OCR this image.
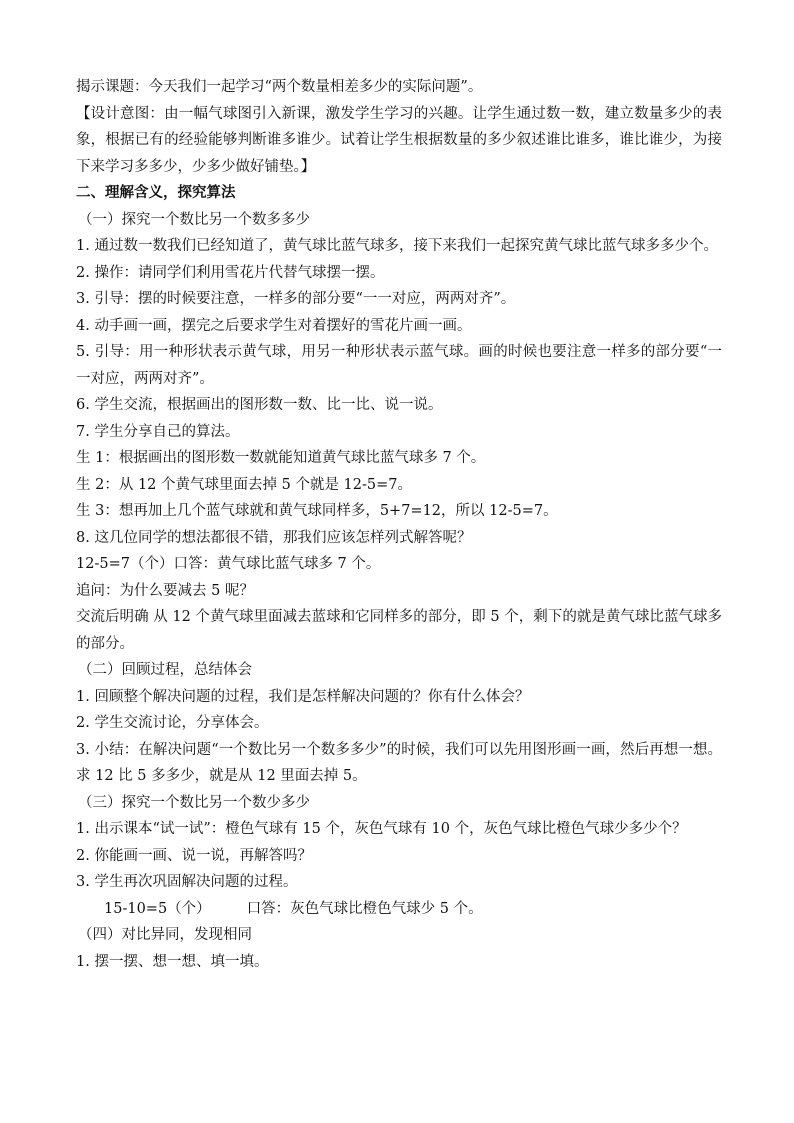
揭示课题：今天我们一起学习“两个数量相差多少的实际问题”。
【设计意图：由一幅气球图引入新课，激发学生学习的兴趣。让学生通过数一数，建立数量多少的表象，根据已有的经验能够判断谁多谁少。试着让学生根据数量的多少叙述谁比谁多，谁比谁少，为接下来学习多多少，少多少做好铺垫。】
二、理解含义，探究算法
（一）探究一个数比另一个数多多少
1. 通过数一数我们已经知道了，黄气球比蓝气球多，接下来我们一起探究黄气球比蓝气球多多少个。
2. 操作：请同学们利用雪花片代替气球摆一摆。
3. 引导：摆的时候要注意，一样多的部分要“一一对应，两两对齐”。
4. 动手画一画，摆完之后要求学生对着摆好的雪花片画一画。
5. 引导：用一种形状表示黄气球，用另一种形状表示蓝气球。画的时候也要注意一样多的部分要“一一对应，两两对齐”。
6. 学生交流，根据画出的图形数一数、比一比、说一说。
7. 学生分享自己的算法。
生 1：根据画出的图形数一数就能知道黄气球比蓝气球多 7 个。
生 2：从 12 个黄气球里面去掉 5 个就是 12-5=7。
生 3：想再加上几个蓝气球就和黄气球同样多，5+7=12，所以 12-5=7。
8. 这几位同学的想法都很不错，那我们应该怎样列式解答呢？
12-5=7（个）口答：黄气球比蓝气球多 7 个。
追问：为什么要减去 5 呢？
交流后明确 从 12 个黄气球里面减去蓝球和它同样多的部分，即 5 个，剩下的就是黄气球比蓝气球多的部分。
（二）回顾过程，总结体会
1. 回顾整个解决问题的过程，我们是怎样解决问题的？你有什么体会？
2. 学生交流讨论，分享体会。
3. 小结：在解决问题“一个数比另一个数多多少”的时候，我们可以先用图形画一画，然后再想一想。求 12 比 5 多多少，就是从 12 里面去掉 5。
（三）探究一个数比另一个数少多少
1. 出示课本“试一试”：橙色气球有 15 个，灰色气球有 10 个，灰色气球比橙色气球少多少个？
2. 你能画一画、说一说，再解答吗？
3. 学生再次巩固解决问题的过程。
15-10=5（个） 口答：灰色气球比橙色气球少 5 个。
（四）对比异同，发现相同
1. 摆一摆、想一想、填一填。
